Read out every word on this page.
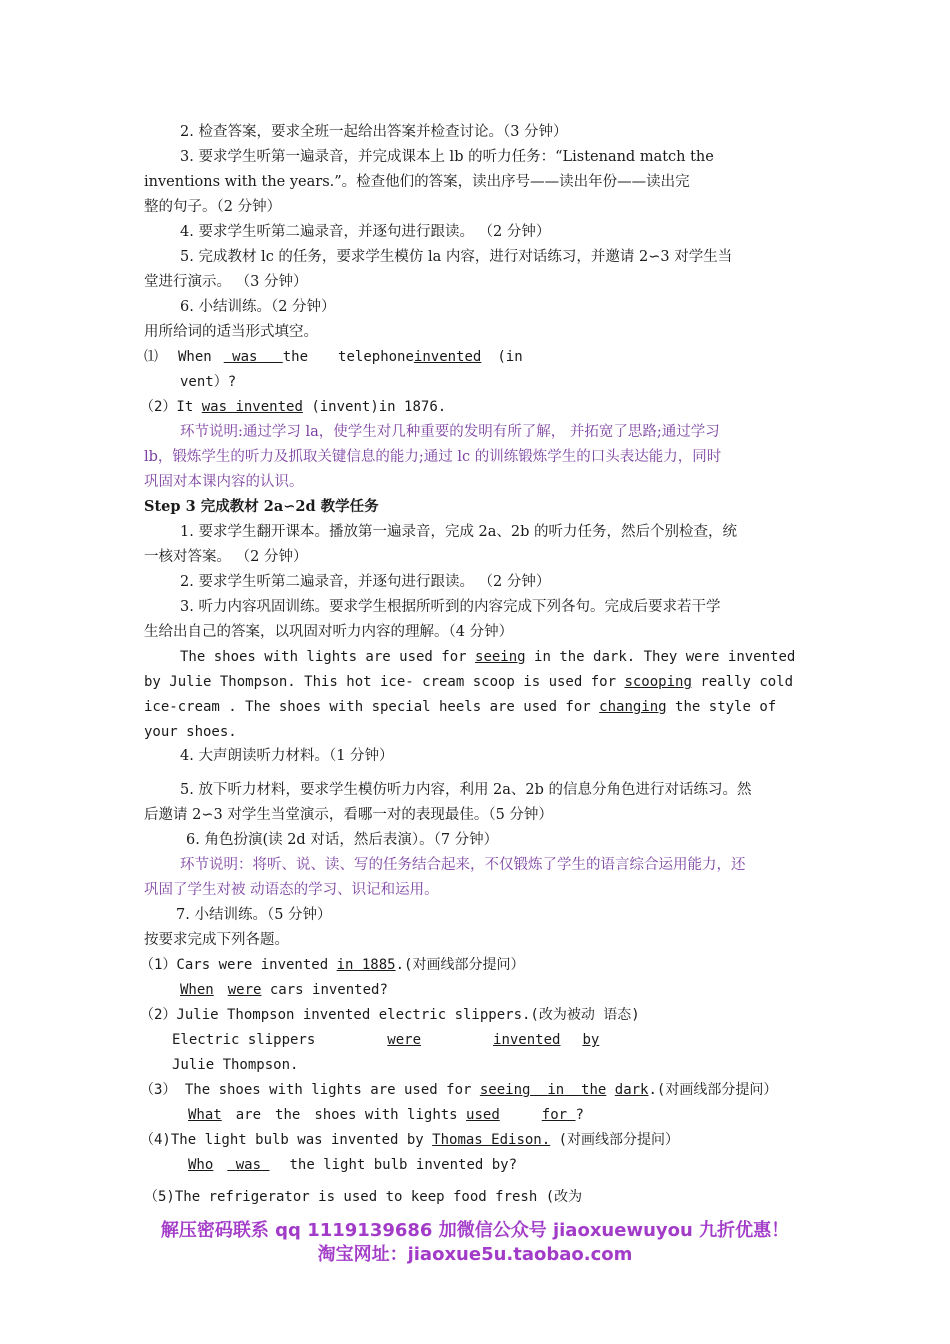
2. 检查答案，要求全班一起给出答案并检查讨论。（3 分钟）
3. 要求学生听第一遍录音，并完成课本上 lb 的听力任务：“Listenand match the
inventions with the years.”。检查他们的答案，读出序号——读出年份——读出完
整的句子。（2 分钟）
4. 要求学生听第二遍录音，并逐句进行跟读。 （2 分钟）
5. 完成教材 lc 的任务，要求学生模仿 la 内容，进行对话练习，并邀请 2∽3 对学生当
堂进行演示。 （3 分钟）
6. 小结训练。（2 分钟）
用所给词的适当形式填空。
⑴ When was the telephoneinvented (in
vent）?
（2）It was invented (invent)in 1876.
环节说明:通过学习 la，使学生对几种重要的发明有所了解， 并拓宽了思路;通过学习
lb，锻炼学生的听力及抓取关键信息的能力;通过 lc 的训练锻炼学生的口头表达能力，同时
巩固对本课内容的认识。
Step 3 完成教材 2a∽2d 教学任务
1. 要求学生翻开课本。播放第一遍录音，完成 2a、2b 的听力任务，然后个别检查，统
一核对答案。 （2 分钟）
2. 要求学生听第二遍录音，并逐句进行跟读。 （2 分钟）
3. 听力内容巩固训练。要求学生根据所听到的内容完成下列各句。完成后要求若干学
生给出自己的答案，以巩固对听力内容的理解。（4 分钟）
The shoes with lights are used for seeing in the dark. They were invented
by Julie Thompson. This hot ice- cream scoop is used for scooping really cold
ice-cream . The shoes with special heels are used for changing the style of
your shoes.
4. 大声朗读听力材料。（1 分钟）
5. 放下听力材料，要求学生模仿听力内容，利用 2a、2b 的信息分角色进行对话练习。然
后邀请 2∽3 对学生当堂演示，看哪一对的表现最佳。（5 分钟）
6. 角色扮演(读 2d 对话，然后表演）。（7 分钟）
环节说明：将听、说、读、写的任务结合起来，不仅锻炼了学生的语言综合运用能力，还
巩固了学生对被 动语态的学习、识记和运用。
7. 小结训练。（5 分钟）
按要求完成下列各题。
（1）Cars were invented in 1885.(对画线部分提问）
When were cars invented?
（2）Julie Thompson invented electric slippers.(改为被动 语态)
Electric slippers	were	invented by
Julie Thompson.
（3） The shoes with lights are used for seeing in the dark.(对画线部分提问）
What are the shoes with lights used	for ?
（4)The light bulb was invented by Thomas Edison. (对画线部分提问）
Who was the light bulb invented by?
（5)The refrigerator is used to keep food fresh (改为
解压密码联系 qq 1119139686 加微信公众号 jiaoxuewuyou 九折优惠！
淘宝网址：jiaoxue5u.taobao.com
